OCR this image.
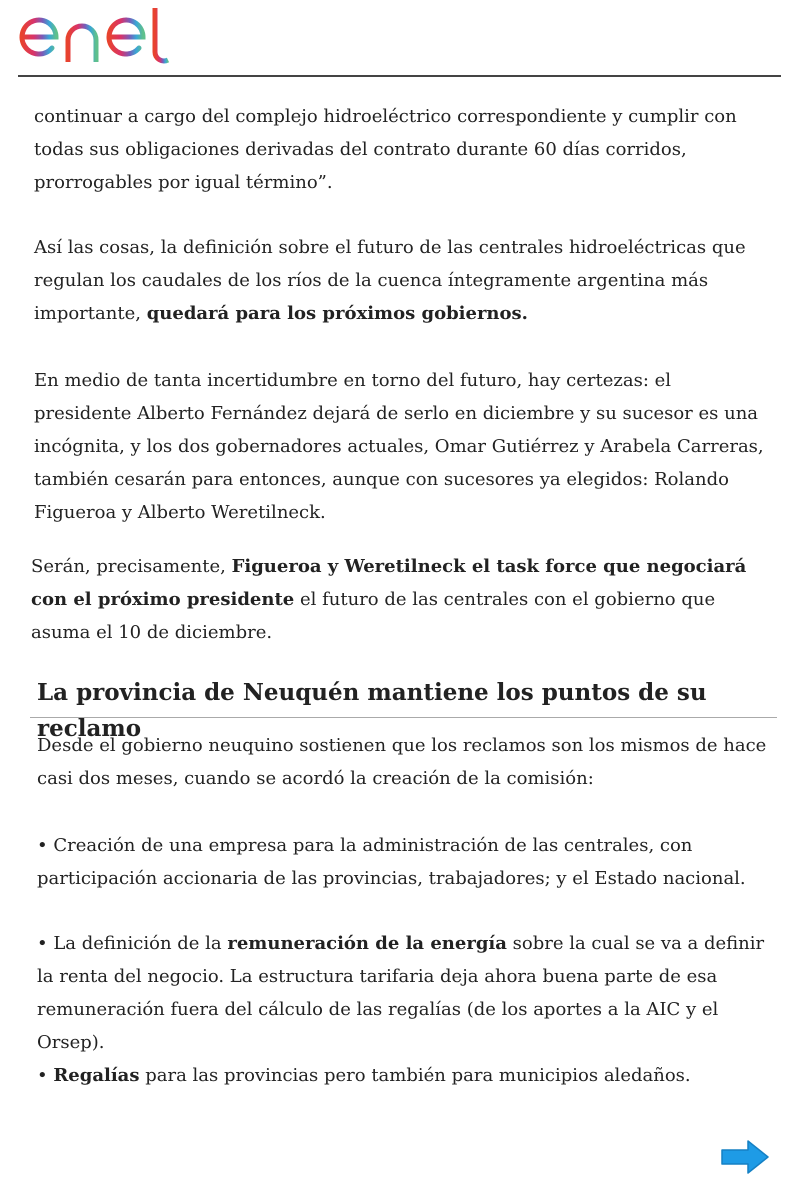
continuar a cargo del complejo hidroeléctrico correspondiente y cumplir con todas sus obligaciones derivadas del contrato durante 60 días corridos, prorrogables por igual término”.

Así las cosas, la definición sobre el futuro de las centrales hidroeléctricas que regulan los caudales de los ríos de la cuenca íntegramente argentina más importante, quedará para los próximos gobiernos.

En medio de tanta incertidumbre en torno del futuro, hay certezas: el presidente Alberto Fernández dejará de serlo en diciembre y su sucesor es una incógnita, y los dos gobernadores actuales, Omar Gutiérrez y Arabela Carreras, también cesarán para entonces, aunque con sucesores ya elegidos: Rolando Figueroa y Alberto Weretilneck.

Serán, precisamente, Figueroa y Weretilneck el task force que negociará con el próximo presidente el futuro de las centrales con el gobierno que asuma el 10 de diciembre.

La provincia de Neuquén mantiene los puntos de su reclamo

Desde el gobierno neuquino sostienen que los reclamos son los mismos de hace casi dos meses, cuando se acordó la creación de la comisión:

• Creación de una empresa para la administración de las centrales, con participación accionaria de las provincias, trabajadores; y el Estado nacional.

• La definición de la remuneración de la energía sobre la cual se va a definir la renta del negocio. La estructura tarifaria deja ahora buena parte de esa remuneración fuera del cálculo de las regalías (de los aportes a la AIC y el Orsep).

• Regalías para las provincias pero también para municipios aledaños.
